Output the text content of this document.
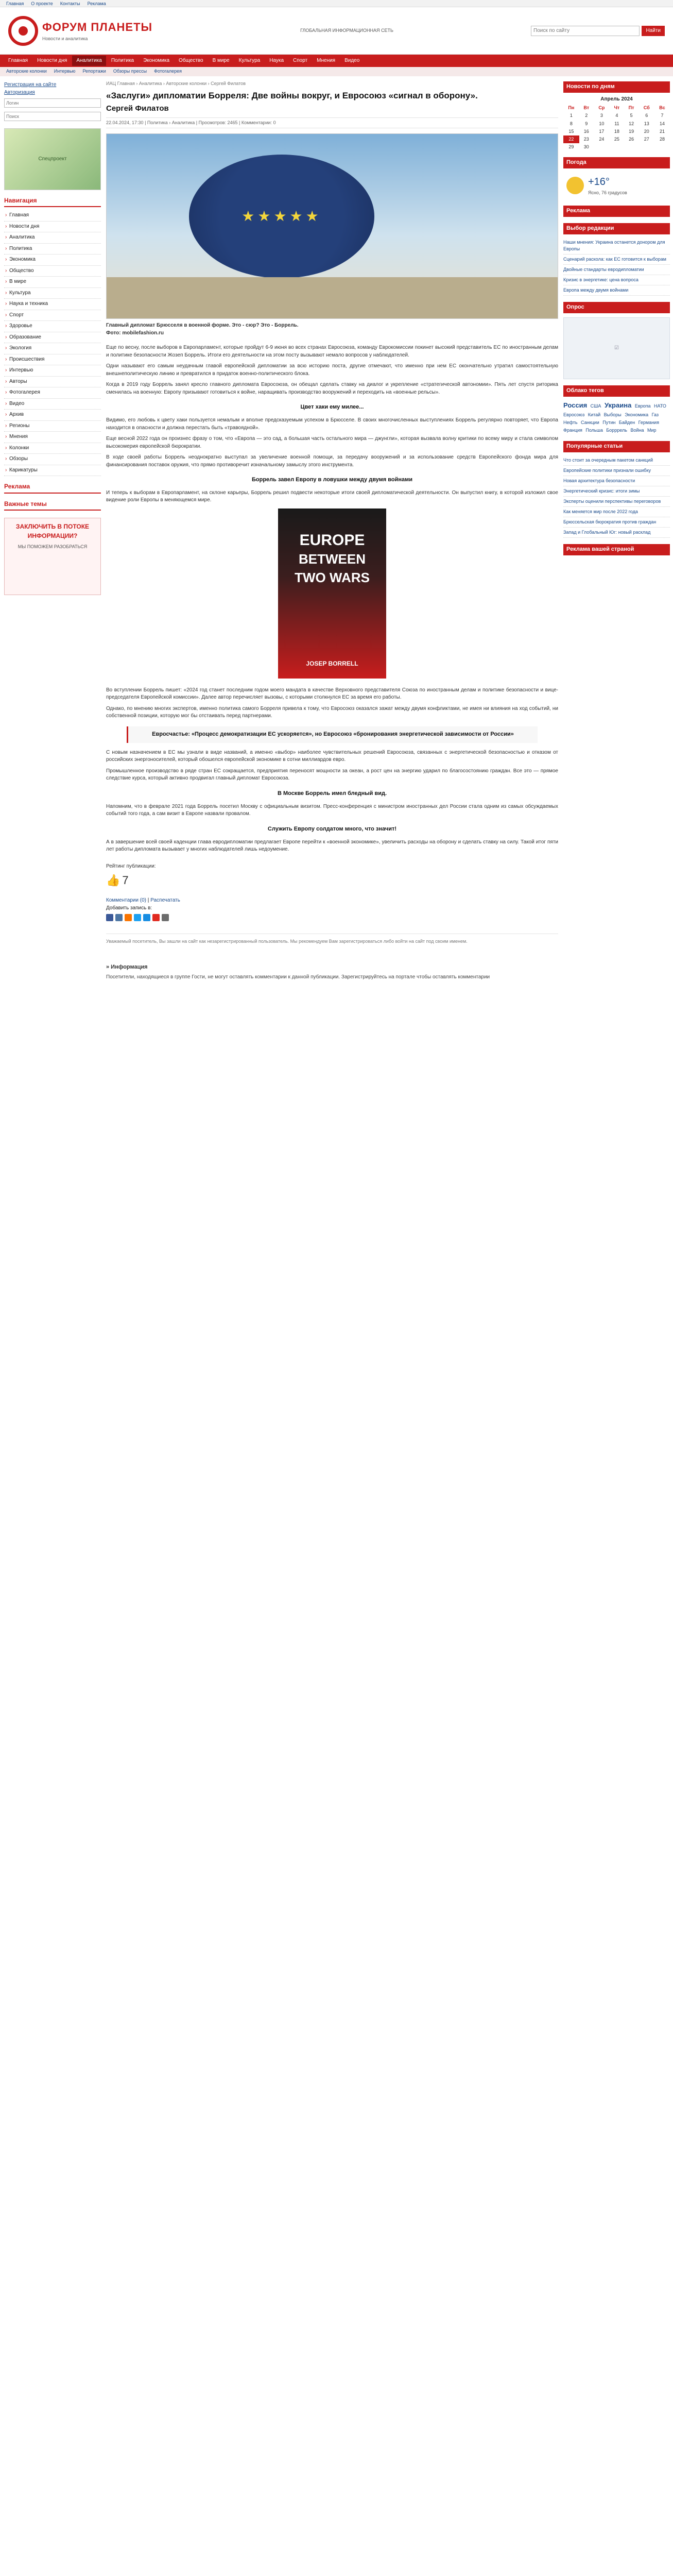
Главная О проекте Контакты Реклама
ФОРУМ ПЛАНЕТЫ
Новости и аналитика
ГЛОБАЛЬНАЯ ИНФОРМАЦИОННАЯ СЕТЬ
Поиск по сайту	Найти
Главная	Новости дня	Аналитика	Политика	Экономика	Общество	В мире	Культура	Наука	Спорт	Мнения	Видео
Авторские колонки Интервью Репортажи Обзоры прессы Фотогалерея
Регистрация на сайте
Авторизация
Логин Поиск
Спецпроект
Навигация
› Главная
› Новости дня
› Аналитика
› Политика
› Экономика
› Общество
› В мире
› Культура
› Наука и техника
› Спорт
› Здоровье
› Образование
› Экология
› Происшествия
› Интервью
› Авторы
› Фотогалерея
› Видео
› Архив
› Регионы
› Мнения
› Колонки
› Обзоры
› Карикатуры
Реклама
Важные темы
ЗАКЛЮЧИТЬ В ПОТОКЕ ИНФОРМАЦИИ?
МЫ ПОМОЖЕМ РАЗОБРАТЬСЯ
ИАЦ Главная › Аналитика › Авторские колонки › Сергей Филатов
«Заслуги» дипломатии Борреля: Две войны вокруг, и Евросоюз «сигнал в оборону».
Сергей Филатов
22.04.2024, 17:30 | Политика › Аналитика | Просмотров: 2465 | Комментарии: 0
★★★★★
Главный дипломат Брюсселя в военной форме. Это - сюр? Это - Боррель.
Фото: mobilefashion.ru

Еще по весну, после выборов в Европарламент, которые пройдут 6-9 июня во всех странах Евросоюза, команду Еврокомиссии покинет высокий представитель ЕС по иностранным делам и политике безопасности Жозеп Боррель. Итоги его деятельности на этом посту вызывают немало вопросов у наблюдателей.

Одни называют его самым неудачным главой европейской дипломатии за всю историю поста, другие отмечают, что именно при нем ЕС окончательно утратил самостоятельную внешнеполитическую линию и превратился в придаток военно-политического блока.

Когда в 2019 году Боррель занял кресло главного дипломата Евросоюза, он обещал сделать ставку на диалог и укрепление «стратегической автономии». Пять лет спустя риторика сменилась на военную: Европу призывают готовиться к войне, наращивать производство вооружений и переходить на «военные рельсы».

Цвет хаки ему милее...

Видимо, его любовь к цвету хаки пользуется немалым и вполне предсказуемым успехом в Брюсселе. В своих многочисленных выступлениях Боррель регулярно повторяет, что Европа находится в опасности и должна перестать быть «травоядной».

Еще весной 2022 года он произнес фразу о том, что «Европа — это сад, а большая часть остального мира — джунгли», которая вызвала волну критики по всему миру и стала символом высокомерия европейской бюрократии.

В ходе своей работы Боррель неоднократно выступал за увеличение военной помощи, за передачу вооружений и за использование средств Европейского фонда мира для финансирования поставок оружия, что прямо противоречит изначальному замыслу этого инструмента.

Боррель завел Европу в ловушки между двумя войнами

И теперь к выборам в Европарламент, на склоне карьеры, Боррель решил подвести некоторые итоги своей дипломатической деятельности. Он выпустил книгу, в которой изложил свое видение роли Европы в меняющемся мире.

EUROPE
BETWEEN
TWO WARS
JOSEP BORRELL

Во вступлении Боррель пишет: «2024 год станет последним годом моего мандата в качестве Верховного представителя Союза по иностранным делам и политике безопасности и вице-председателя Европейской комиссии». Далее автор перечисляет вызовы, с которыми столкнулся ЕС за время его работы.

Однако, по мнению многих экспертов, именно политика самого Борреля привела к тому, что Евросоюз оказался зажат между двумя конфликтами, не имея ни влияния на ход событий, ни собственной позиции, которую мог бы отстаивать перед партнерами.

Евросчастье: «Процесс демократизации ЕС ускоряется», но Евросоюз «бронирования энергетической зависимости от России»

С новым назначением в ЕС мы узнали в виде названий, а именно «выбор» наиболее чувствительных решений Евросоюза, связанных с энергетической безопасностью и отказом от российских энергоносителей, который обошелся европейской экономике в сотни миллиардов евро.

Промышленное производство в ряде стран ЕС сокращается, предприятия переносят мощности за океан, а рост цен на энергию ударил по благосостоянию граждан. Все это — прямое следствие курса, который активно продвигал главный дипломат Евросоюза.

В Москве Боррель имел бледный вид.

Напомним, что в феврале 2021 года Боррель посетил Москву с официальным визитом. Пресс-конференция с министром иностранных дел России стала одним из самых обсуждаемых событий того года, а сам визит в Европе назвали провалом.

Служить Европу солдатом много, что значит!

А в завершение всей своей каденции глава евродипломатии предлагает Европе перейти к «военной экономике», увеличить расходы на оборону и сделать ставку на силу. Такой итог пяти лет работы дипломата вызывает у многих наблюдателей лишь недоумение.

Рейтинг публикации:
👍 7
Комментарии (0) | Распечатать
Добавить запись в:
Уважаемый посетитель, Вы зашли на сайт как незарегистрированный пользователь. Мы рекомендуем Вам зарегистрироваться либо войти на сайт под своим именем.
» Информация
Посетители, находящиеся в группе Гости, не могут оставлять комментарии к данной публикации. Зарегистрируйтесь на портале чтобы оставлять комментарии
Новости по дням
Апрель 2024
Пн	Вт	Ср	Чт	Пт	Сб	Вс
1	2	3	4	5	6	7
8	9	10	11	12	13	14
15	16	17	18	19	20	21
22	23	24	25	26	27	28
29	30					
Погода
+16°
Ясно, 76 градусов
Реклама
Выбор редакции
Наши мнения: Украина останется донором для Европы
Сценарий раскола: как ЕС готовится к выборам
Двойные стандарты евродипломатии
Кризис в энергетике: цена вопроса
Европа между двумя войнами
Опрос
☑
Облако тегов
Россия США Украина Европа НАТО Евросоюз Китай Выборы Экономика Газ Нефть Санкции Путин Байден Германия Франция Польша Борррель Война Мир
Популярные статьи
Что стоит за очередным пакетом санкций
Европейские политики признали ошибку
Новая архитектура безопасности
Энергетический кризис: итоги зимы
Эксперты оценили перспективы переговоров
Как меняется мир после 2022 года
Брюссельская бюрократия против граждан
Запад и Глобальный Юг: новый расклад
Реклама вашей страной
